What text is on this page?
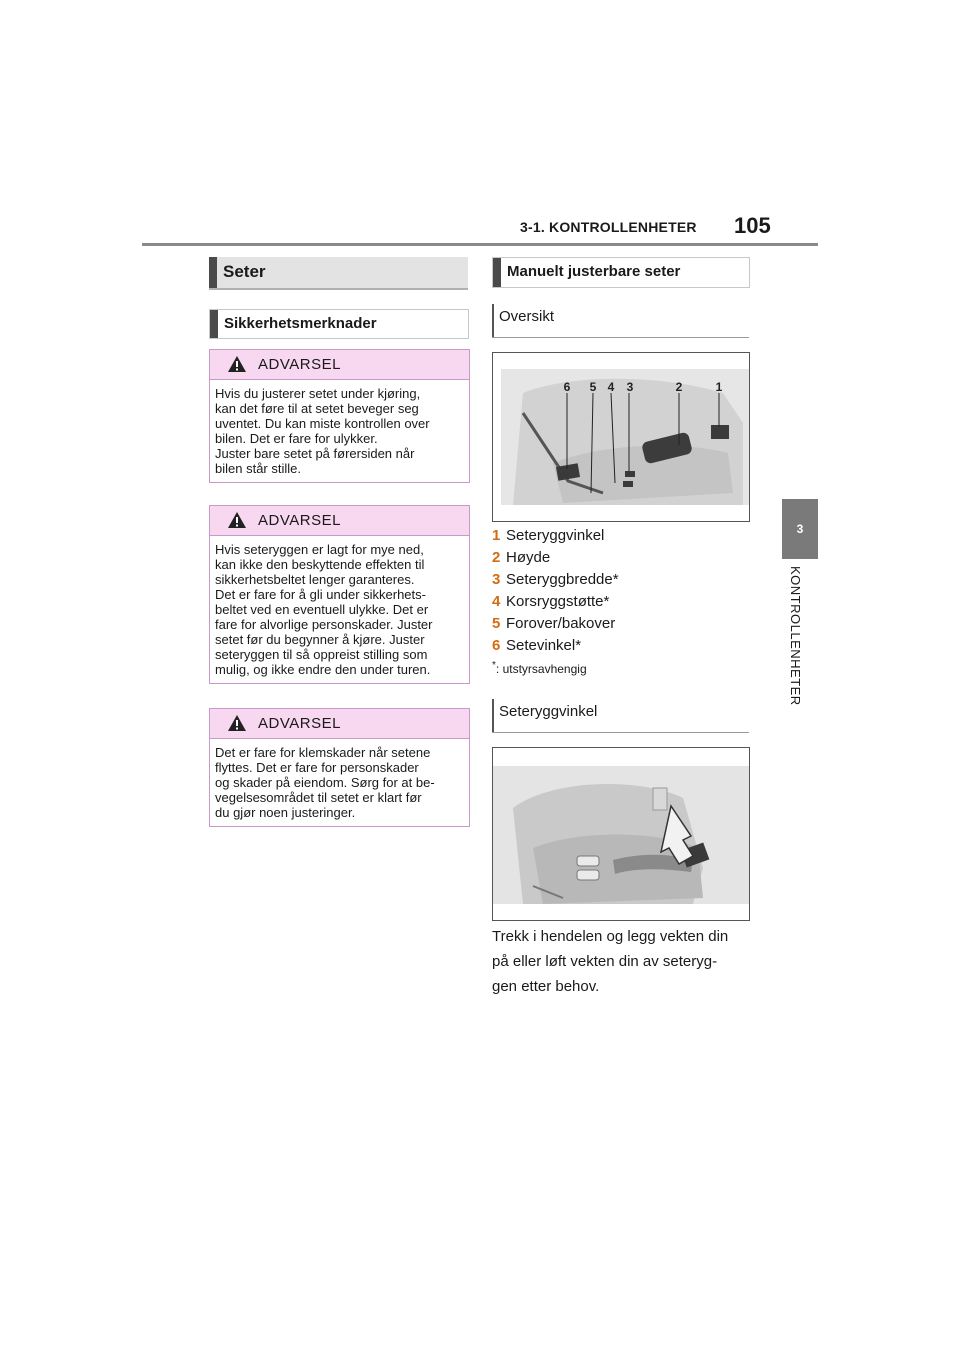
3-1. KONTROLLENHETER 105
3
KONTROLLENHETER
Seter
Sikkerhetsmerknader
ADVARSEL
Hvis du justerer setet under kjøring,
kan det føre til at setet beveger seg
uventet. Du kan miste kontrollen over
bilen. Det er fare for ulykker.
Juster bare setet på førersiden når
bilen står stille.
ADVARSEL
Hvis seteryggen er lagt for mye ned,
kan ikke den beskyttende effekten til
sikkerhetsbeltet lenger garanteres.
Det er fare for å gli under sikkerhets-
beltet ved en eventuell ulykke. Det er
fare for alvorlige personskader. Juster
setet før du begynner å kjøre. Juster
seteryggen til så oppreist stilling som
mulig, og ikke endre den under turen.
ADVARSEL
Det er fare for klemskader når setene
flyttes. Det er fare for personskader
og skader på eiendom. Sørg for at be-
vegelsesområdet til setet er klart før
du gjør noen justeringer.
Manuelt justerbare seter
Oversikt
6 5 4 3	2	1
1 Seteryggvinkel
2 Høyde
3 Seteryggbredde*
4 Korsryggstøtte*
5 Forover/bakover
6 Setevinkel*
*: utstyrsavhengig
Seteryggvinkel
Trekk i hendelen og legg vekten din
på eller løft vekten din av seteryg-
gen etter behov.
